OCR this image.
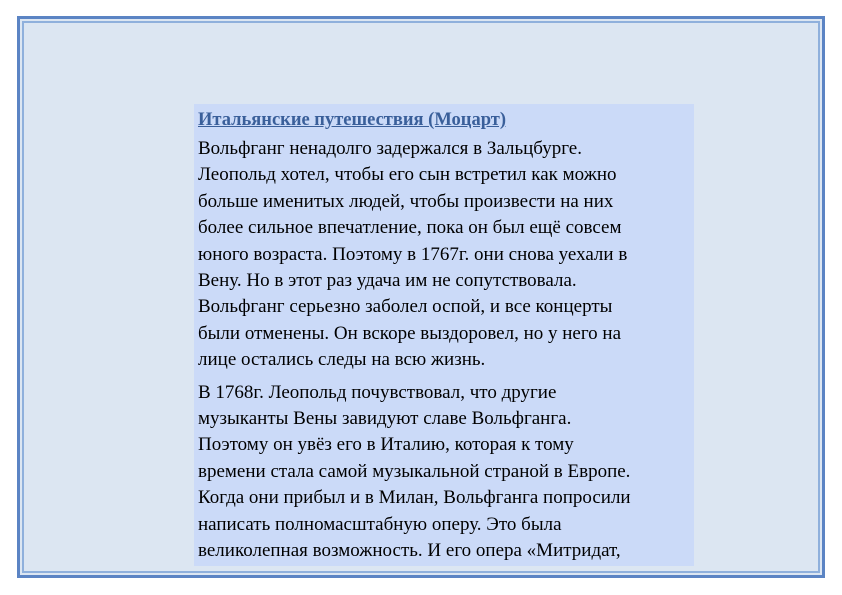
Итальянские путешествия (Моцарт)
Вольфганг ненадолго задержался в Зальцбурге.
Леопольд хотел, чтобы его сын встретил как можно
больше именитых людей, чтобы произвести на них
более сильное впечатление, пока он был ещё совсем
юного возраста. Поэтому в 1767г. они снова уехали в
Вену. Но в этот раз удача им не сопутствовала.
Вольфганг серьезно заболел оспой, и все концерты
были отменены. Он вскоре выздоровел, но у него на
лице остались следы на всю жизнь.
В 1768г. Леопольд почувствовал, что другие
музыканты Вены завидуют славе Вольфганга.
Поэтому он увёз его в Италию, которая к тому
времени стала самой музыкальной страной в Европе.
Когда они прибыл и в Милан, Вольфганга попросили
написать полномасштабную оперу. Это была
великолепная возможность. И его опера «Митридат,
